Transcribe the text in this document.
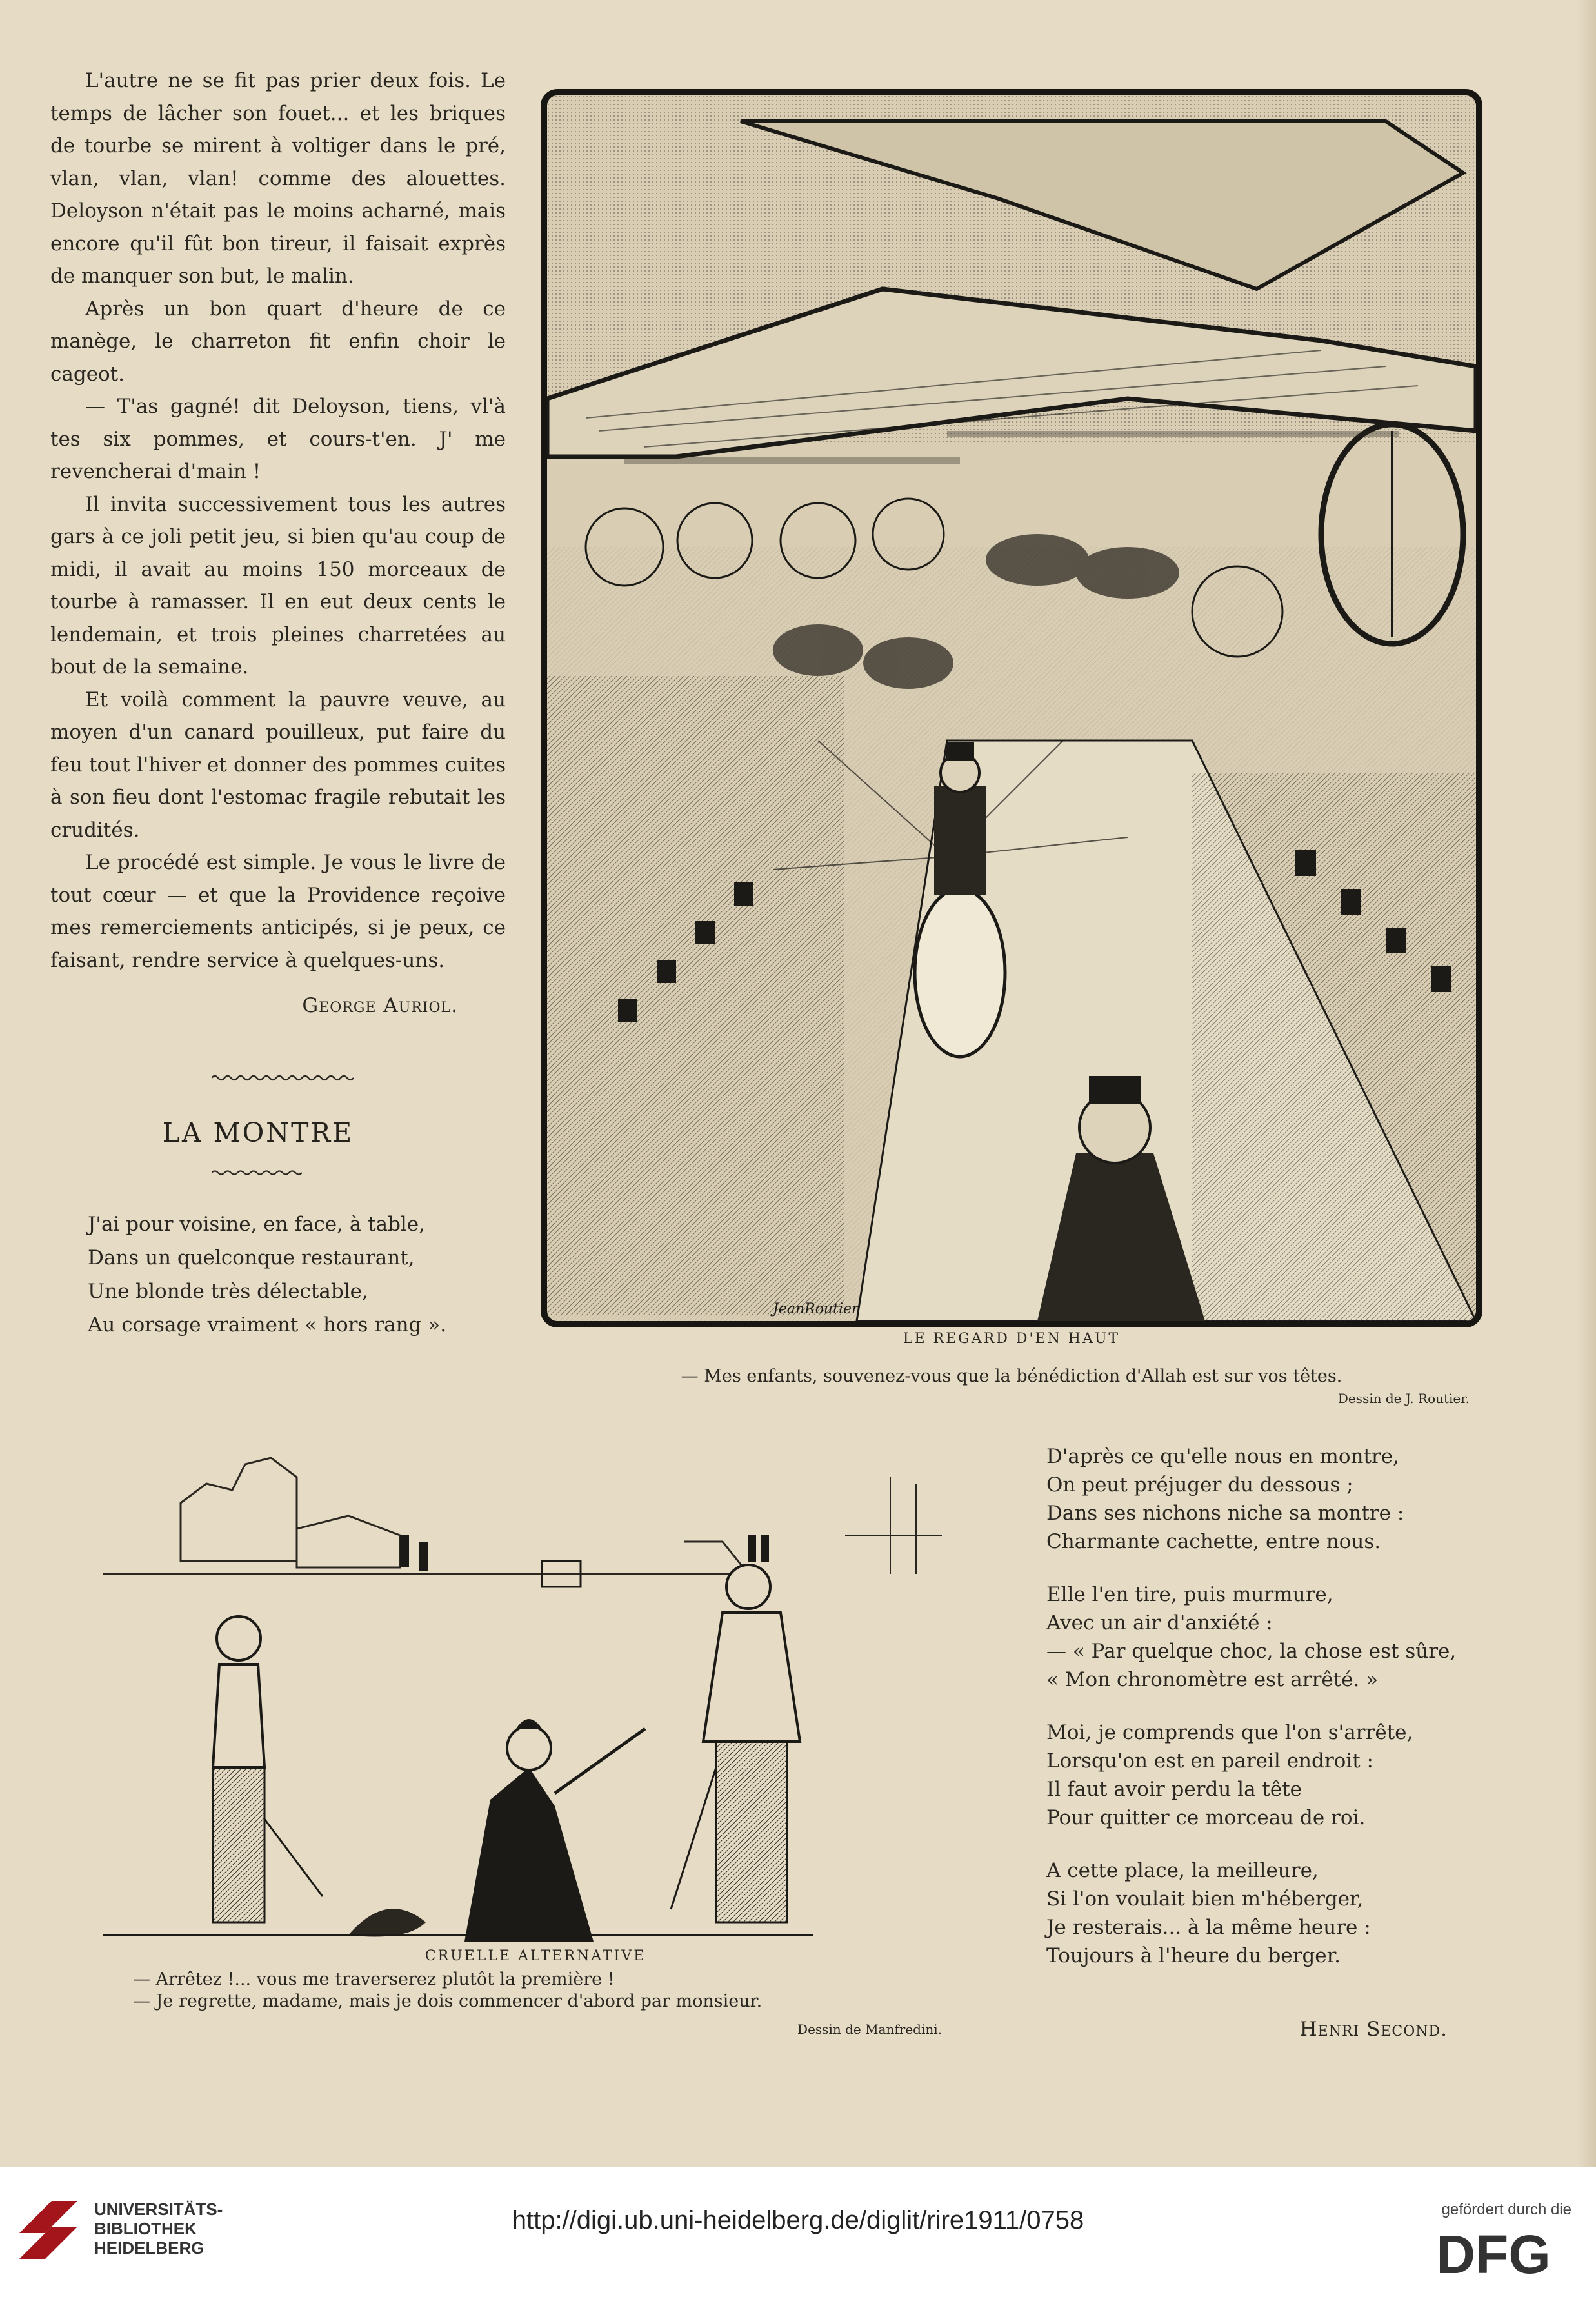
L'autre ne se fit pas prier deux fois. Le temps de lâcher son fouet... et les briques de tourbe se mirent à voltiger dans le pré, vlan, vlan, vlan! comme des alouettes. Deloyson n'était pas le moins acharné, mais encore qu'il fût bon tireur, il faisait exprès de manquer son but, le malin.

Après un bon quart d'heure de ce manège, le charreton fit enfin choir le cageot.

— T'as gagné! dit Deloyson, tiens, vl'à tes six pommes, et cours-t'en. J' me revencherai d'main !

Il invita successivement tous les autres gars à ce joli petit jeu, si bien qu'au coup de midi, il avait au moins 150 morceaux de tourbe à ramasser. Il en eut deux cents le lendemain, et trois pleines charretées au bout de la semaine.

Et voilà comment la pauvre veuve, au moyen d'un canard pouilleux, put faire du feu tout l'hiver et donner des pommes cuites à son fieu dont l'estomac fragile rebutait les crudités.

Le procédé est simple. Je vous le livre de tout cœur — et que la Providence reçoive mes remerciements anticipés, si je peux, ce faisant, rendre service à quelques-uns.

George Auriol.

LA MONTRE
J'ai pour voisine, en face, à table,
Dans un quelconque restaurant,
Une blonde très délectable,
Au corsage vraiment « hors rang ».
JeanRoutier
LE REGARD D'EN HAUT
— Mes enfants, souvenez-vous que la bénédiction d'Allah est sur vos têtes.
Dessin de J. Routier.
CRUELLE ALTERNATIVE
— Arrêtez !... vous me traverserez plutôt la première !
— Je regrette, madame, mais je dois commencer d'abord par monsieur.
Dessin de Manfredini.
D'après ce qu'elle nous en montre,
On peut préjuger du dessous ;
Dans ses nichons niche sa montre :
Charmante cachette, entre nous.
Elle l'en tire, puis murmure,
Avec un air d'anxiété :
— « Par quelque choc, la chose est sûre,
« Mon chronomètre est arrêté. »
Moi, je comprends que l'on s'arrête,
Lorsqu'on est en pareil endroit :
Il faut avoir perdu la tête
Pour quitter ce morceau de roi.
A cette place, la meilleure,
Si l'on voulait bien m'héberger,
Je resterais... à la même heure :
Toujours à l'heure du berger.
Henri Second.
UNIVERSITÄTS-
BIBLIOTHEK
HEIDELBERG
http://digi.ub.uni-heidelberg.de/diglit/rire1911/0758	gefördert durch die
DFG
